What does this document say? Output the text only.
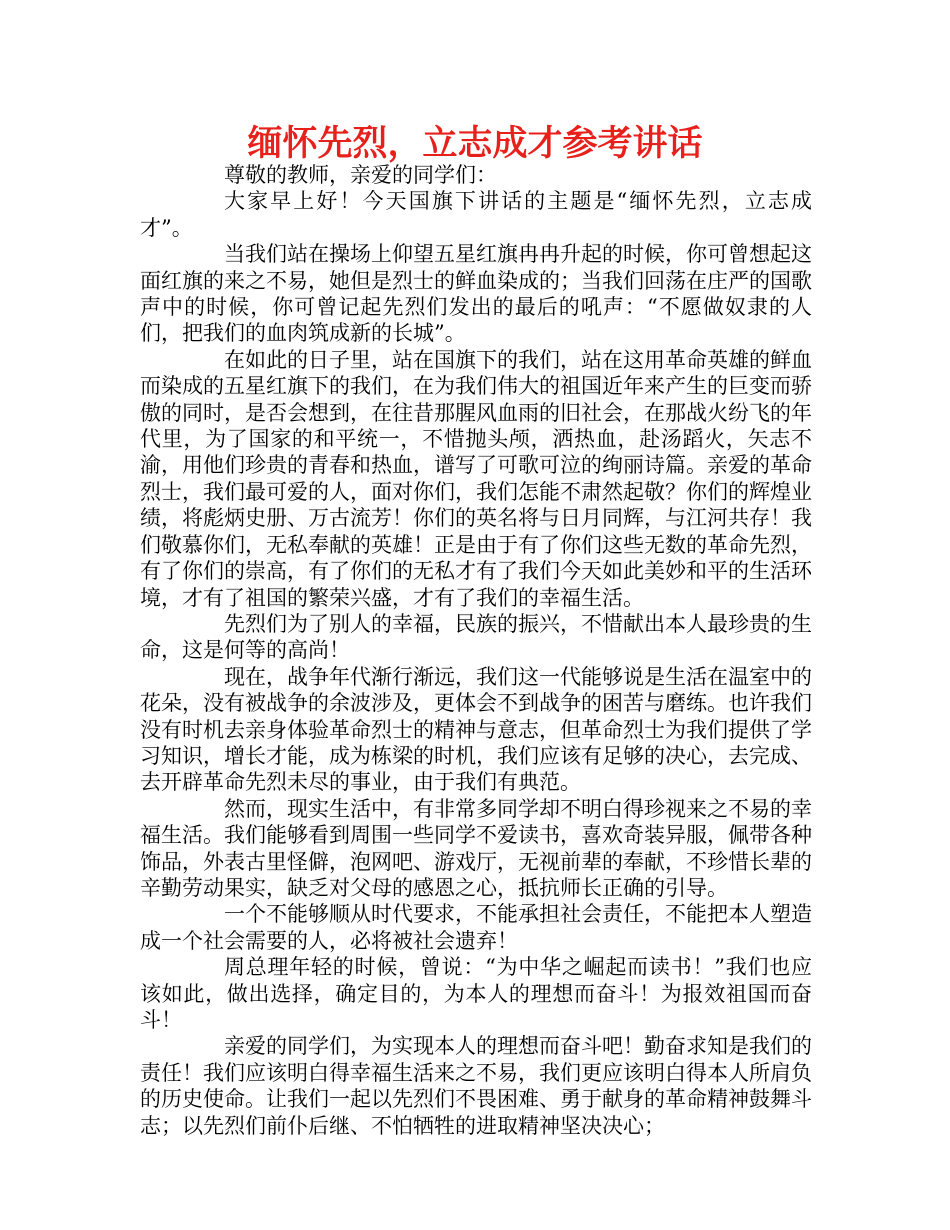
缅怀先烈，立志成才参考讲话

尊敬的教师，亲爱的同学们：

大家早上好！今天国旗下讲话的主题是“缅怀先烈，立志成才”。

当我们站在操场上仰望五星红旗冉冉升起的时候，你可曾想起这面红旗的来之不易，她但是烈士的鲜血染成的；当我们回荡在庄严的国歌声中的时候，你可曾记起先烈们发出的最后的吼声：“不愿做奴隶的人们，把我们的血肉筑成新的长城”。

在如此的日子里，站在国旗下的我们，站在这用革命英雄的鲜血而染成的五星红旗下的我们，在为我们伟大的祖国近年来产生的巨变而骄傲的同时，是否会想到，在往昔那腥风血雨的旧社会，在那战火纷飞的年代里，为了国家的和平统一，不惜抛头颅，洒热血，赴汤蹈火，矢志不渝，用他们珍贵的青春和热血，谱写了可歌可泣的绚丽诗篇。亲爱的革命烈士，我们最可爱的人，面对你们，我们怎能不肃然起敬？你们的辉煌业绩，将彪炳史册、万古流芳！你们的英名将与日月同辉，与江河共存！我们敬慕你们，无私奉献的英雄！正是由于有了你们这些无数的革命先烈，有了你们的崇高，有了你们的无私才有了我们今天如此美妙和平的生活环境，才有了祖国的繁荣兴盛，才有了我们的幸福生活。

先烈们为了别人的幸福，民族的振兴，不惜献出本人最珍贵的生命，这是何等的高尚！

现在，战争年代渐行渐远，我们这一代能够说是生活在温室中的花朵，没有被战争的余波涉及，更体会不到战争的困苦与磨练。也许我们没有时机去亲身体验革命烈士的精神与意志，但革命烈士为我们提供了学习知识，增长才能，成为栋梁的时机，我们应该有足够的决心，去完成、去开辟革命先烈未尽的事业，由于我们有典范。

然而，现实生活中，有非常多同学却不明白得珍视来之不易的幸福生活。我们能够看到周围一些同学不爱读书，喜欢奇装异服，佩带各种饰品，外表古里怪僻，泡网吧、游戏厅，无视前辈的奉献，不珍惜长辈的辛勤劳动果实，缺乏对父母的感恩之心，抵抗师长正确的引导。

一个不能够顺从时代要求，不能承担社会责任，不能把本人塑造成一个社会需要的人，必将被社会遗弃！

周总理年轻的时候，曾说：“为中华之崛起而读书！”我们也应该如此，做出选择，确定目的，为本人的理想而奋斗！为报效祖国而奋斗！

亲爱的同学们，为实现本人的理想而奋斗吧！勤奋求知是我们的责任！我们应该明白得幸福生活来之不易，我们更应该明白得本人所肩负的历史使命。让我们一起以先烈们不畏困难、勇于献身的革命精神鼓舞斗志；以先烈们前仆后继、不怕牺牲的进取精神坚决决心；
